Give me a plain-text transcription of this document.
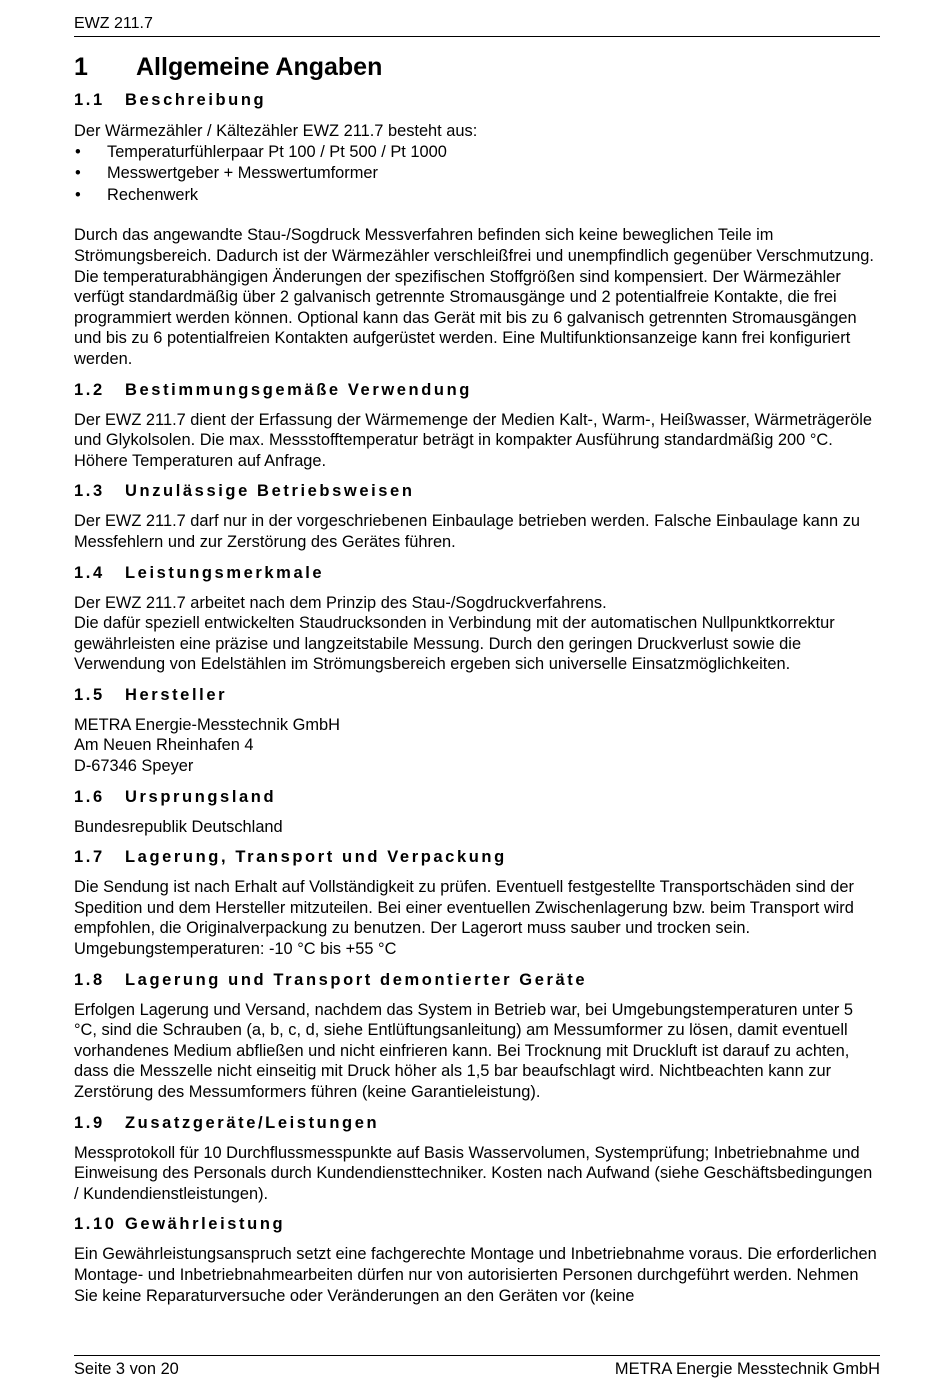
EWZ 211.7
1	Allgemeine Angaben
1.1	Beschreibung

Der Wärmezähler / Kältezähler EWZ 211.7 besteht aus:

•	Temperaturfühlerpaar Pt 100 / Pt 500 / Pt 1000
•	Messwertgeber + Messwertumformer
•	Rechenwerk

Durch das angewandte Stau-/Sogdruck Messverfahren befinden sich keine beweglichen Teile im Strömungsbereich. Dadurch ist der Wärmezähler verschleißfrei und unempfindlich gegenüber Verschmutzung. Die temperaturabhängigen Änderungen der spezifischen Stoffgrößen sind kompensiert. Der Wärmezähler verfügt standardmäßig über 2 galvanisch getrennte Stromausgänge und 2 potentialfreie Kontakte, die frei programmiert werden können. Optional kann das Gerät mit bis zu 6 galvanisch getrennten Stromausgängen und bis zu 6 potentialfreien Kontakten aufgerüstet werden. Eine Multifunktionsanzeige kann frei konfiguriert werden.

1.2	Bestimmungsgemäße Verwendung

Der EWZ 211.7 dient der Erfassung der Wärmemenge der Medien Kalt-, Warm-, Heißwasser, Wärmeträgeröle und Glykolsolen. Die max. Messstofftemperatur beträgt in kompakter Ausführung standardmäßig 200 °C. Höhere Temperaturen auf Anfrage.

1.3	Unzulässige Betriebsweisen

Der EWZ 211.7 darf nur in der vorgeschriebenen Einbaulage betrieben werden. Falsche Einbaulage kann zu Messfehlern und zur Zerstörung des Gerätes führen.

1.4	Leistungsmerkmale

Der EWZ 211.7 arbeitet nach dem Prinzip des Stau-/Sogdruckverfahrens.

Die dafür speziell entwickelten Staudrucksonden in Verbindung mit der automatischen Nullpunktkorrektur gewährleisten eine präzise und langzeitstabile Messung. Durch den geringen Druckverlust sowie die Verwendung von Edelstählen im Strömungsbereich ergeben sich universelle Einsatzmöglichkeiten.

1.5	Hersteller

METRA Energie-Messtechnik GmbH

Am Neuen Rheinhafen 4

D-67346 Speyer

1.6	Ursprungsland

Bundesrepublik Deutschland

1.7	Lagerung, Transport und Verpackung

Die Sendung ist nach Erhalt auf Vollständigkeit zu prüfen. Eventuell festgestellte Transportschäden sind der Spedition und dem Hersteller mitzuteilen. Bei einer eventuellen Zwischenlagerung bzw. beim Transport wird empfohlen, die Originalverpackung zu benutzen. Der Lagerort muss sauber und trocken sein. Umgebungstemperaturen: -10 °C bis +55 °C

1.8	Lagerung und Transport demontierter Geräte

Erfolgen Lagerung und Versand, nachdem das System in Betrieb war, bei Umgebungstemperaturen unter 5 °C, sind die Schrauben (a, b, c, d, siehe Entlüftungsanleitung) am Messumformer zu lösen, damit eventuell vorhandenes Medium abfließen und nicht einfrieren kann. Bei Trocknung mit Druckluft ist darauf zu achten, dass die Messzelle nicht einseitig mit Druck höher als 1,5 bar beaufschlagt wird. Nichtbeachten kann zur Zerstörung des Messumformers führen (keine Garantieleistung).

1.9	Zusatzgeräte/Leistungen

Messprotokoll für 10 Durchflussmesspunkte auf Basis Wasservolumen, Systemprüfung; Inbetriebnahme und Einweisung des Personals durch Kundendiensttechniker. Kosten nach Aufwand (siehe Geschäftsbedingungen / Kundendienstleistungen).

1.10 Gewährleistung

Ein Gewährleistungsanspruch setzt eine fachgerechte Montage und Inbetriebnahme voraus. Die erforderlichen Montage- und Inbetriebnahmearbeiten dürfen nur von autorisierten Personen durchgeführt werden. Nehmen Sie keine Reparaturversuche oder Veränderungen an den Geräten vor (keine

Seite 3 von 20	METRA Energie Messtechnik GmbH
